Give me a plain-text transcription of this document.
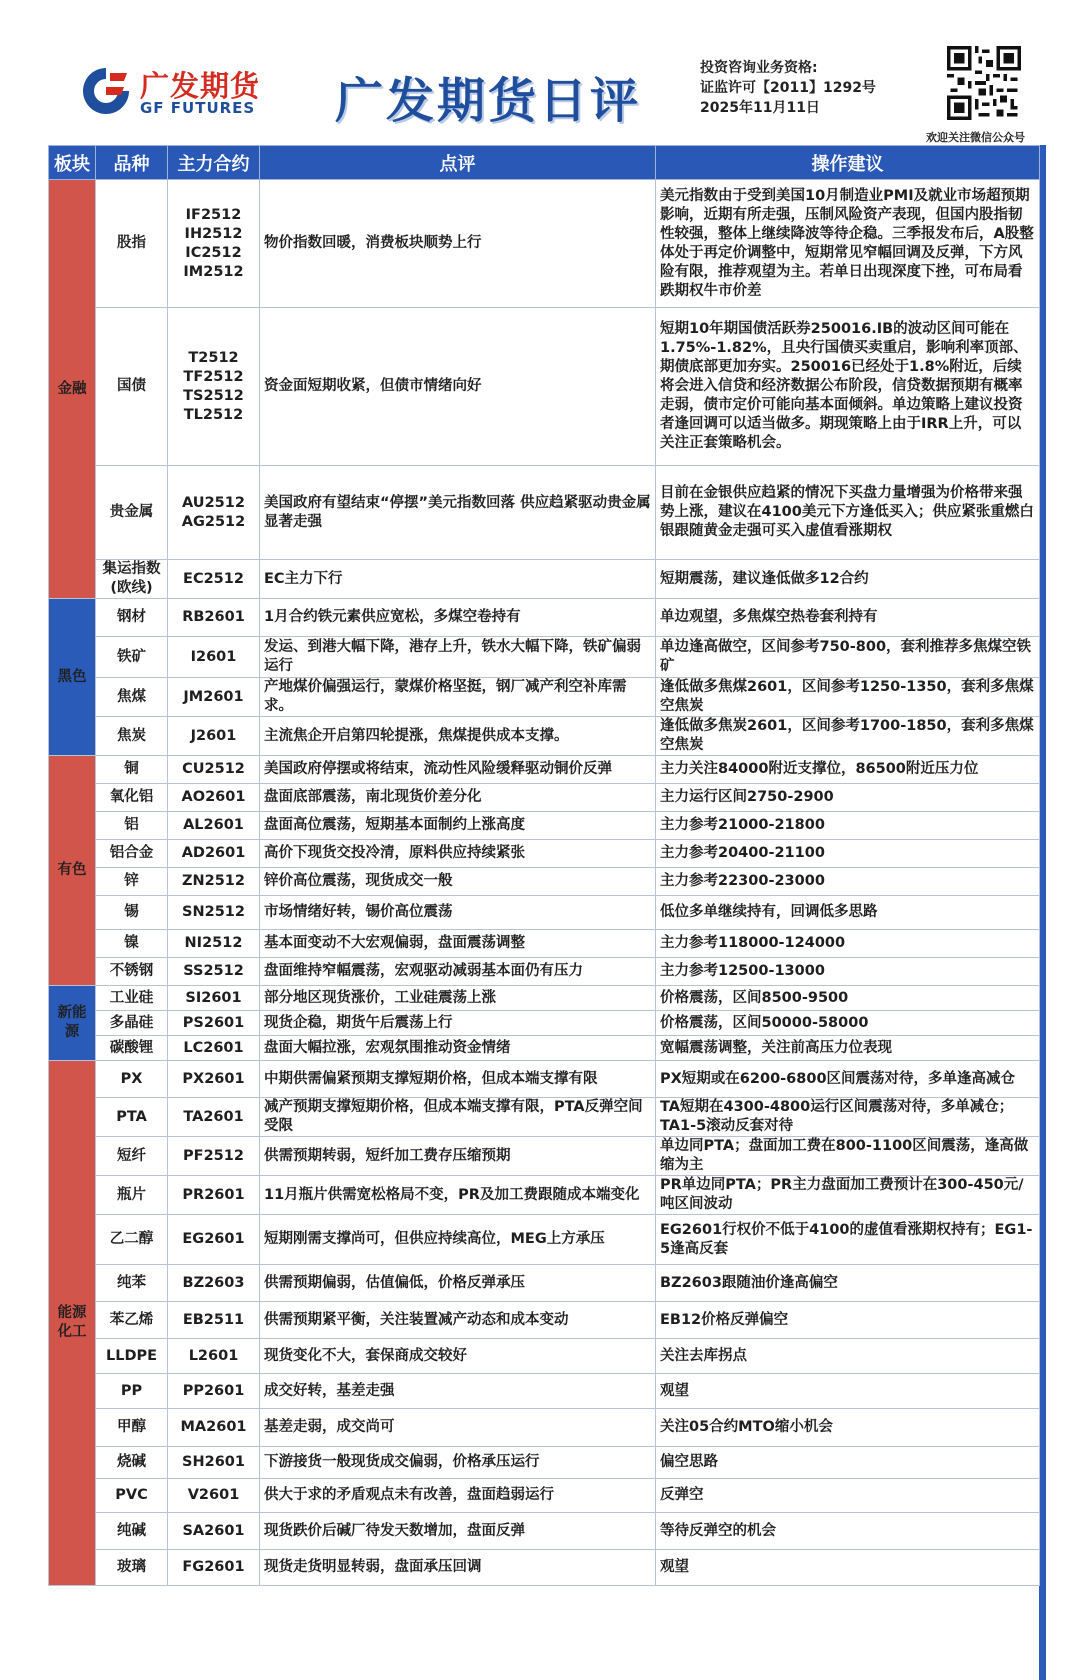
广发期货
GF FUTURES 广发期货日评
投资咨询业务资格:
证监许可【2011】1292号
2025年11月11日
欢迎关注微信公众号
板块	品种	主力合约	点评	操作建议
金融	股指	IF2512
IH2512
IC2512
IM2512	物价指数回暖，消费板块顺势上行	美元指数由于受到美国10月制造业PMI及就业市场超预期影响，近期有所走强，压制风险资产表现，但国内股指韧性较强，整体上继续降波等待企稳。三季报发布后，A股整体处于再定价调整中，短期常见窄幅回调及反弹，下方风险有限，推荐观望为主。若单日出现深度下挫，可布局看跌期权牛市价差
	国债	T2512
TF2512
TS2512
TL2512	资金面短期收紧，但债市情绪向好	短期10年期国债活跃券250016.IB的波动区间可能在1.75%-1.82%，且央行国债买卖重启，影响利率顶部、期债底部更加夯实。250016已经处于1.8%附近，后续将会进入信贷和经济数据公布阶段，信贷数据预期有概率走弱，债市定价可能向基本面倾斜。单边策略上建议投资者逢回调可以适当做多。期现策略上由于IRR上升，可以关注正套策略机会。
	贵金属	AU2512
AG2512	美国政府有望结束“停摆”美元指数回落 供应趋紧驱动贵金属显著走强	目前在金银供应趋紧的情况下买盘力量增强为价格带来强势上涨，建议在4100美元下方逢低买入；供应紧张重燃白银跟随黄金走强可买入虚值看涨期权
	集运指数
(欧线)	EC2512	EC主力下行	短期震荡，建议逢低做多12合约
黑色	钢材	RB2601	1月合约铁元素供应宽松，多煤空卷持有	单边观望，多焦煤空热卷套利持有
	铁矿	I2601	发运、到港大幅下降，港存上升，铁水大幅下降，铁矿偏弱运行	单边逢高做空，区间参考750-800，套利推荐多焦煤空铁矿
	焦煤	JM2601	产地煤价偏强运行，蒙煤价格坚挺，钢厂减产利空补库需求。	逢低做多焦煤2601，区间参考1250-1350，套利多焦煤空焦炭
	焦炭	J2601	主流焦企开启第四轮提涨，焦煤提供成本支撑。	逢低做多焦炭2601，区间参考1700-1850，套利多焦煤空焦炭
有色	铜	CU2512	美国政府停摆或将结束，流动性风险缓释驱动铜价反弹	主力关注84000附近支撑位，86500附近压力位
	氧化铝	AO2601	盘面底部震荡，南北现货价差分化	主力运行区间2750-2900
	铝	AL2601	盘面高位震荡，短期基本面制约上涨高度	主力参考21000-21800
	铝合金	AD2601	高价下现货交投冷清，原料供应持续紧张	主力参考20400-21100
	锌	ZN2512	锌价高位震荡，现货成交一般	主力参考22300-23000
	锡	SN2512	市场情绪好转，锡价高位震荡	低位多单继续持有，回调低多思路
	镍	NI2512	基本面变动不大宏观偏弱，盘面震荡调整	主力参考118000-124000
	不锈钢	SS2512	盘面维持窄幅震荡，宏观驱动减弱基本面仍有压力	主力参考12500-13000
新能源	工业硅	SI2601	部分地区现货涨价，工业硅震荡上涨	价格震荡，区间8500-9500
	多晶硅	PS2601	现货企稳，期货午后震荡上行	价格震荡，区间50000-58000
	碳酸锂	LC2601	盘面大幅拉涨，宏观氛围推动资金情绪	宽幅震荡调整，关注前高压力位表现
能源
化工	PX	PX2601	中期供需偏紧预期支撑短期价格，但成本端支撑有限	PX短期或在6200-6800区间震荡对待，多单逢高减仓
	PTA	TA2601	减产预期支撑短期价格，但成本端支撑有限，PTA反弹空间受限	TA短期在4300-4800运行区间震荡对待，多单减仓；TA1-5滚动反套对待
	短纤	PF2512	供需预期转弱，短纤加工费存压缩预期	单边同PTA；盘面加工费在800-1100区间震荡，逢高做缩为主
	瓶片	PR2601	11月瓶片供需宽松格局不变，PR及加工费跟随成本端变化	PR单边同PTA；PR主力盘面加工费预计在300-450元/吨区间波动
	乙二醇	EG2601	短期刚需支撑尚可，但供应持续高位，MEG上方承压	EG2601行权价不低于4100的虚值看涨期权持有；EG1-5逢高反套
	纯苯	BZ2603	供需预期偏弱，估值偏低，价格反弹承压	BZ2603跟随油价逢高偏空
	苯乙烯	EB2511	供需预期紧平衡，关注装置减产动态和成本变动	EB12价格反弹偏空
	LLDPE	L2601	现货变化不大，套保商成交较好	关注去库拐点
	PP	PP2601	成交好转，基差走强	观望
	甲醇	MA2601	基差走弱，成交尚可	关注05合约MTO缩小机会
	烧碱	SH2601	下游接货一般现货成交偏弱，价格承压运行	偏空思路
	PVC	V2601	供大于求的矛盾观点未有改善，盘面趋弱运行	反弹空
	纯碱	SA2601	现货跌价后碱厂待发天数增加，盘面反弹	等待反弹空的机会
	玻璃	FG2601	现货走货明显转弱，盘面承压回调	观望
